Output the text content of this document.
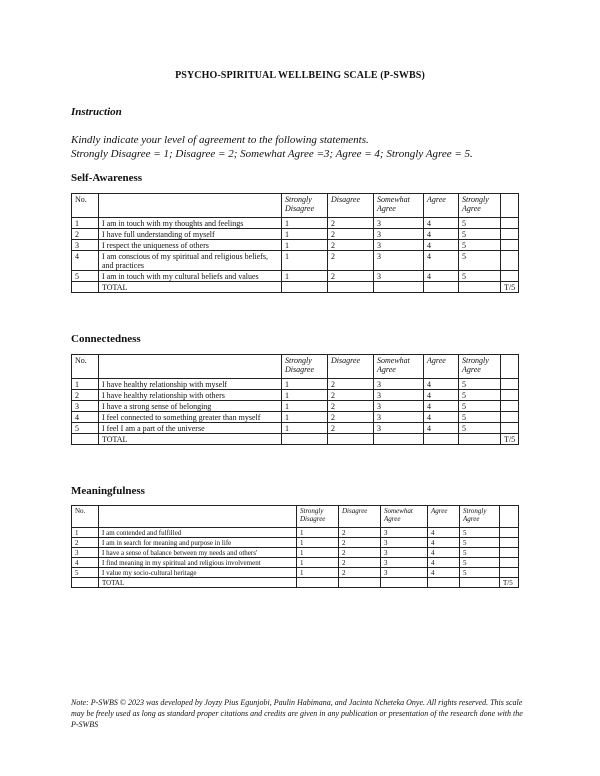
PSYCHO-SPIRITUAL WELLBEING SCALE (P-SWBS)
Instruction
Kindly indicate your level of agreement to the following statements.
Strongly Disagree = 1; Disagree = 2; Somewhat Agree =3; Agree = 4; Strongly Agree = 5.
Self-Awareness
No.		Strongly Disagree	Disagree	Somewhat Agree	Agree	Strongly Agree	
1	I am in touch with my thoughts and feelings	1	2	3	4	5	
2	I have full understanding of myself	1	2	3	4	5	
3	I respect the uniqueness of others	1	2	3	4	5	
4	I am conscious of my spiritual and religious beliefs, and practices	1	2	3	4	5	
5	I am in touch with my cultural beliefs and values	1	2	3	4	5	
	TOTAL						T/5
Connectedness
No.		Strongly Disagree	Disagree	Somewhat Agree	Agree	Strongly Agree	
1	I have healthy relationship with myself	1	2	3	4	5	
2	I have healthy relationship with others	1	2	3	4	5	
3	I have a strong sense of belonging	1	2	3	4	5	
4	I feel connected to something greater than myself	1	2	3	4	5	
5	I feel I am a part of the universe	1	2	3	4	5	
	TOTAL						T/5
Meaningfulness
No.		Strongly Disagree	Disagree	Somewhat Agree	Agree	Strongly Agree	
1	I am contended and fulfilled	1	2	3	4	5	
2	I am in search for meaning and purpose in life	1	2	3	4	5	
3	I have a sense of balance between my needs and others'	1	2	3	4	5	
4	I find meaning in my spiritual and religious involvement	1	2	3	4	5	
5	I value my socio-cultural heritage	1	2	3	4	5	
	TOTAL						T/5
Note: P-SWBS © 2023 was developed by Joyzy Pius Egunjobi, Paulin Habimana, and Jacinta Ncheteka Onye. All rights reserved. This scale may be freely used as long as standard proper citations and credits are given in any publication or presentation of the research done with the P-SWBS
